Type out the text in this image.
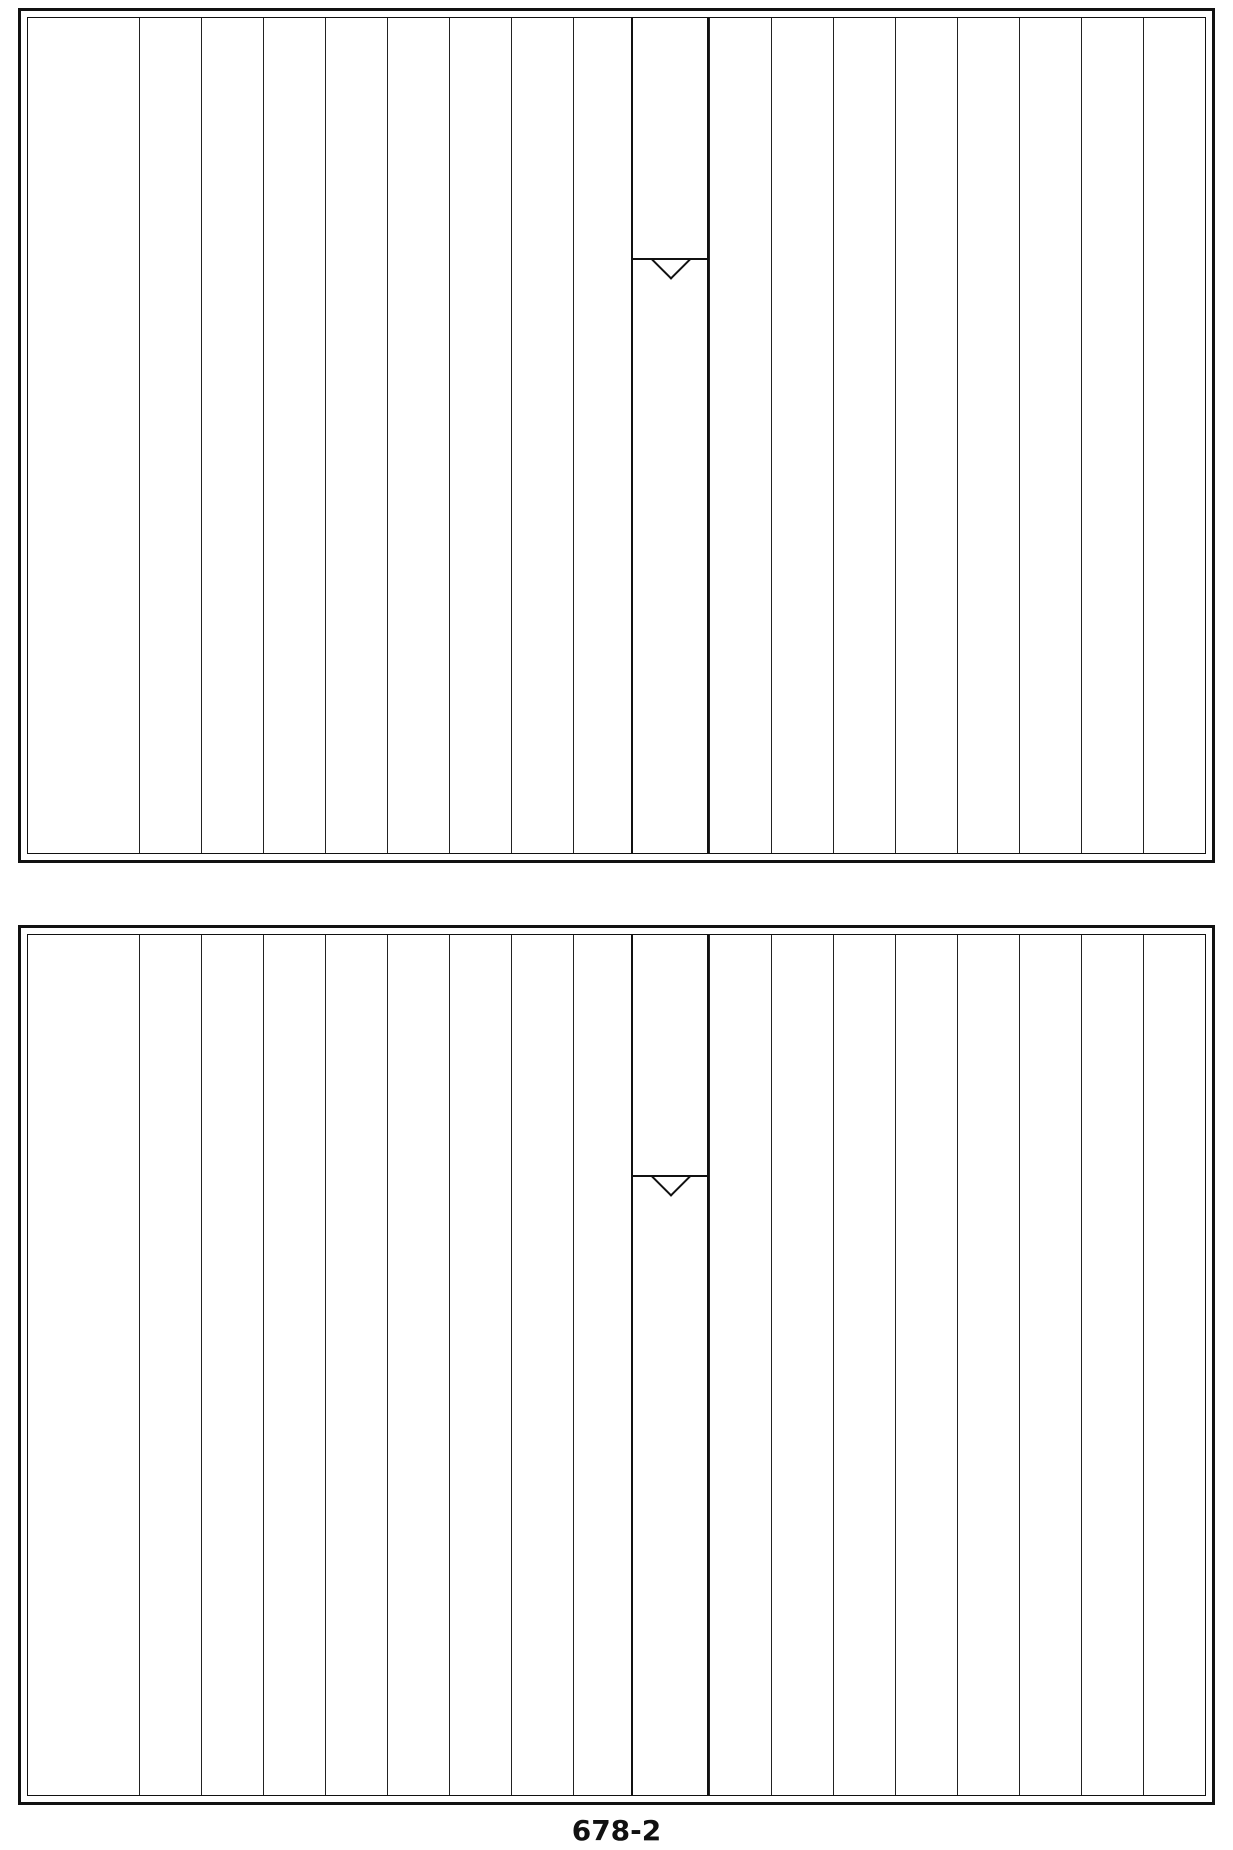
678-2
